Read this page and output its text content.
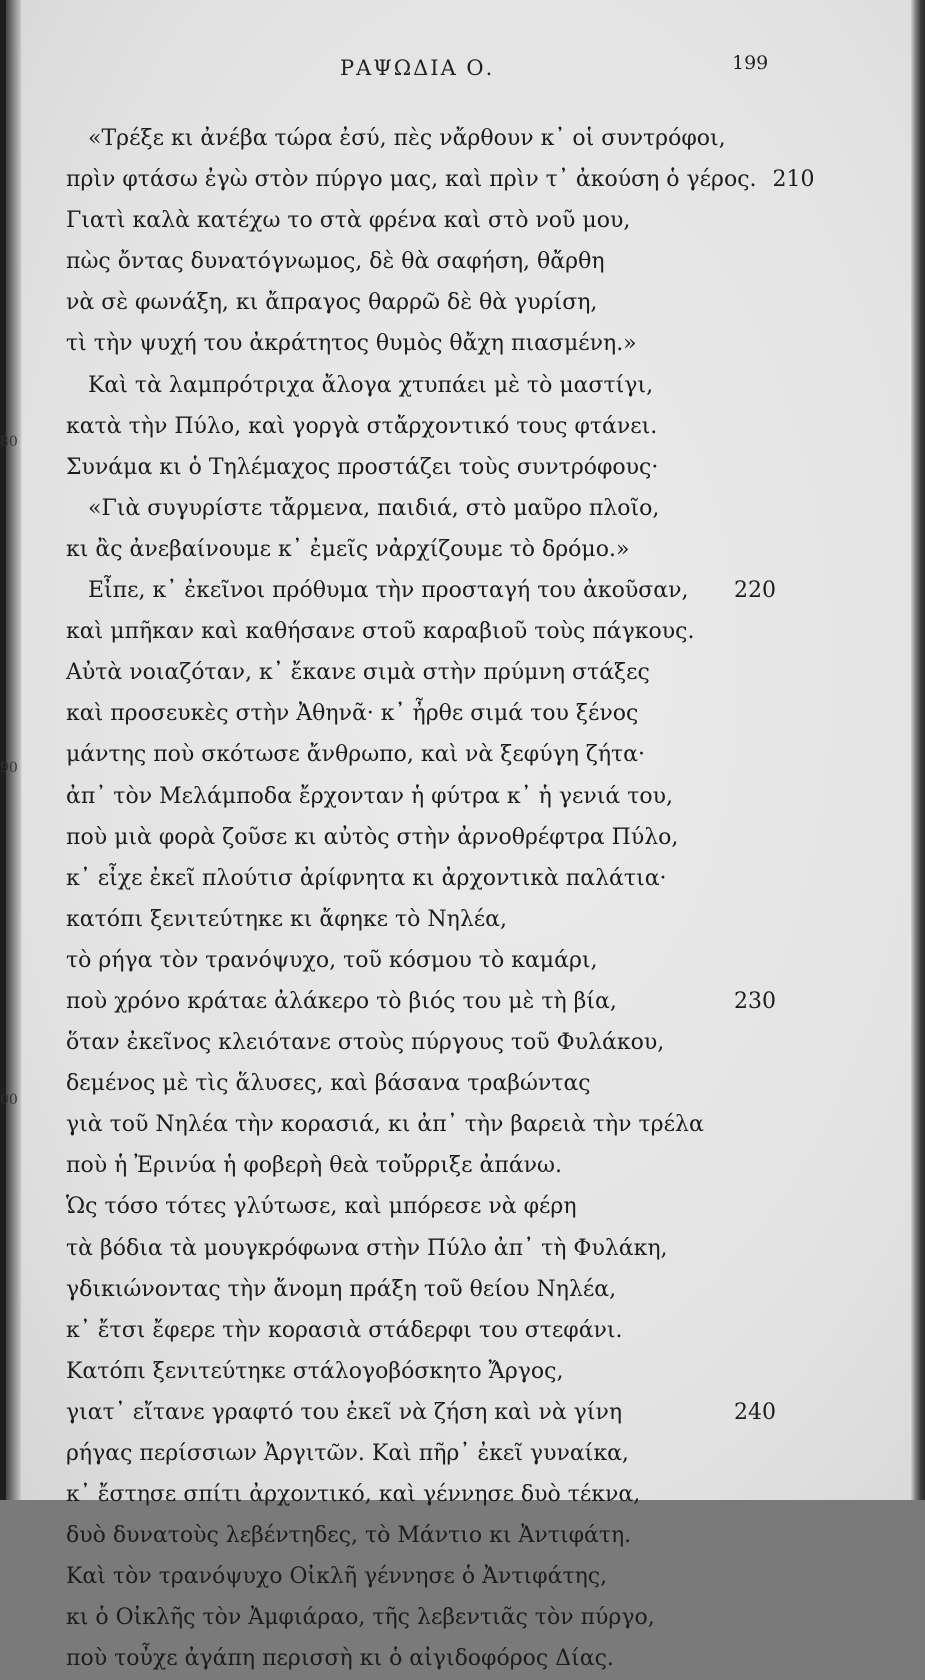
ΡΑΨΩΔΙΑ Ο.	199
«Τρέξε κι ἀνέβα τώρα ἐσύ, πὲς νἄρθουν κ᾿ οἱ συντρόφοι,
πρὶν φτάσω ἐγὼ στὸν πύργο μας, καὶ πρὶν τ᾿ ἀκούση ὁ γέρος. 210
Γιατὶ καλὰ κατέχω το στὰ φρένα καὶ στὸ νοῦ μου,
πὼς ὄντας δυνατόγνωμος, δὲ θὰ σαφήση, θἄρθη
νὰ σὲ φωνάξη, κι ἄπραγος θαρρῶ δὲ θὰ γυρίση,
τὶ τὴν ψυχή του ἀκράτητος θυμὸς θἄχη πιασμένη.»
Καὶ τὰ λαμπρότριχα ἄλογα χτυπάει μὲ τὸ μαστίγι,
κατὰ τὴν Πύλο, καὶ γοργὰ στἄρχοντικό τους φτάνει.
Συνάμα κι ὁ Τηλέμαχος προστάζει τοὺς συντρόφους·
«Γιὰ συγυρίστε τἄρμενα, παιδιά, στὸ μαῦρο πλοῖο,
κι ἂς ἀνεβαίνουμε κ᾿ ἐμεῖς νἀρχίζουμε τὸ δρόμο.»
Εἶπε, κ᾿ ἐκεῖνοι πρόθυμα τὴν προσταγή του ἀκοῦσαν, 220
καὶ μπῆκαν καὶ καθήσανε στοῦ καραβιοῦ τοὺς πάγκους.
Αὐτὰ νοιαζόταν, κ᾿ ἔκανε σιμὰ στὴν πρύμνη στάξες
καὶ προσευκὲς στὴν Ἀθηνᾶ· κ᾿ ἦρθε σιμά του ξένος
μάντης ποὺ σκότωσε ἄνθρωπο, καὶ νὰ ξεφύγη ζήτα·
ἀπ᾿ τὸν Μελάμποδα ἔρχονταν ἡ φύτρα κ᾿ ἡ γενιά του,
ποὺ μιὰ φορὰ ζοῦσε κι αὐτὸς στὴν ἀρνοθρέφτρα Πύλο,
κ᾿ εἶχε ἐκεῖ πλούτισ ἀρίφνητα κι ἀρχοντικὰ παλάτια·
κατόπι ξενιτεύτηκε κι ἄφηκε τὸ Νηλέα,
τὸ ρήγα τὸν τρανόψυχο, τοῦ κόσμου τὸ καμάρι,
ποὺ χρόνο κράταε ἀλάκερο τὸ βιός του μὲ τὴ βία,	230
ὅταν ἐκεῖνος κλειότανε στοὺς πύργους τοῦ Φυλάκου,
δεμένος μὲ τὶς ἅλυσες, καὶ βάσανα τραβώντας
γιὰ τοῦ Νηλέα τὴν κορασιά, κι ἀπ᾿ τὴν βαρειὰ τὴν τρέλα
ποὺ ἡ Ἐρινύα ἡ φοβερὴ θεὰ τοὔρριξε ἀπάνω.
Ὡς τόσο τότες γλύτωσε, καὶ μπόρεσε νὰ φέρη
τὰ βόδια τὰ μουγκρόφωνα στὴν Πύλο ἀπ᾿ τὴ Φυλάκη,
γδικιώνοντας τὴν ἄνομη πράξη τοῦ θείου Νηλέα,
κ᾿ ἔτσι ἔφερε τὴν κορασιὰ στάδερφι του στεφάνι.
Κατόπι ξενιτεύτηκε στάλογοβόσκητο Ἄργος,
γιατ᾿ εἴτανε γραφτό του ἐκεῖ νὰ ζήση καὶ νὰ γίνη	240
ρήγας περίσσιων Ἀργιτῶν. Καὶ πῆρ᾿ ἐκεῖ γυναίκα,
κ᾿ ἔστησε σπίτι ἀρχοντικό, καὶ γέννησε δυὸ τέκνα,
δυὸ δυνατοὺς λεβέντηδες, τὸ Μάντιο κι Ἀντιφάτη.
Καὶ τὸν τρανόψυχο Οἰκλῆ γέννησε ὁ Ἀντιφάτης,
κι ὁ Οἰκλῆς τὸν Ἀμφιάραο, τῆς λεβεντιᾶς τὸν πύργο,
ποὺ τοὖχε ἀγάπη περισσὴ κι ὁ αἰγιδοφόρος Δίας.
80
90
00
